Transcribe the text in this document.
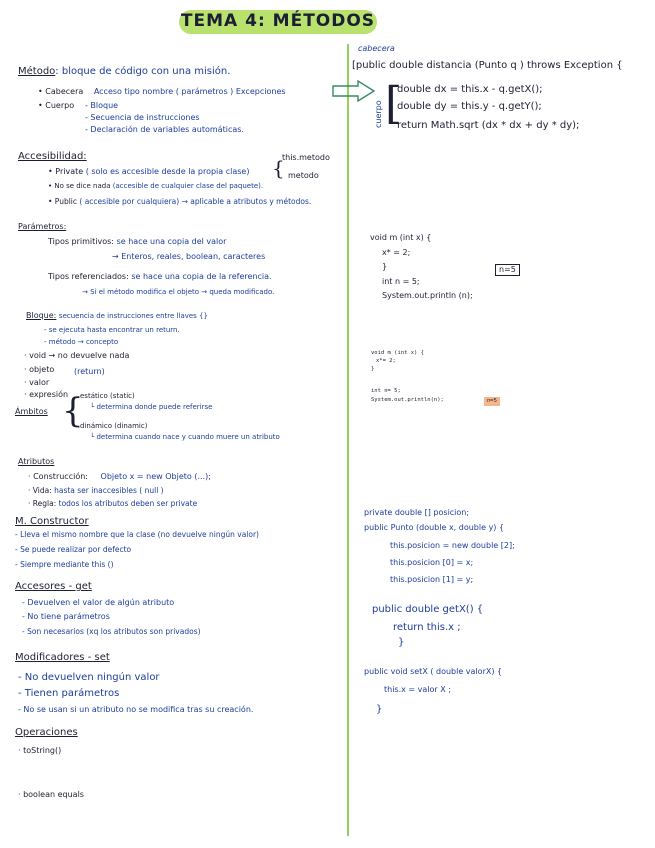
TEMA 4: MÉTODOS
Método: bloque de código con una misión.
• Cabecera Acceso tipo nombre ( parámetros ) Excepciones
• Cuerpo - Bloque
- Secuencia de instrucciones
- Declaración de variables automáticas.
Accesibilidad:
• Private ( solo es accesible desde la propia clase) {
this.metodo
metodo
• No se dice nada (accesible de cualquier clase del paquete).
• Public ( accesible por cualquiera) → aplicable a atributos y métodos.
Parámetros:
Tipos primitivos: se hace una copia del valor
→ Enteros, reales, boolean, caracteres
Tipos referenciados: se hace una copia de la referencia.
→ Si el método modifica el objeto → queda modificado.
Bloque: secuencia de instrucciones entre llaves {}
- se ejecuta hasta encontrar un return.
- método → concepto
· void → no devuelve nada
· objeto (return)
· valor
· expresión
Ámbitos {
estático (static)
└ determina donde puede referirse
dinámico (dinamic)
└ determina cuando nace y cuando muere un atributo
Atributos
· Construcción: Objeto x = new Objeto (...);
· Vida: hasta ser inaccesibles ( null )
· Regla: todos los atributos deben ser private
M. Constructor
- Lleva el mismo nombre que la clase (no devuelve ningún valor)
- Se puede realizar por defecto
- Siempre mediante this ()
Accesores - get
- Devuelven el valor de algún atributo
- No tiene parámetros
- Son necesarios (xq los atributos son privados)
Modificadores - set
- No devuelven ningún valor
- Tienen parámetros
- No se usan si un atributo no se modifica tras su creación.
Operaciones
· toString()
· boolean equals
cabecera
[public double distancia (Punto q ) throws Exception {
cuerpo [
double dx = this.x - q.getX();
double dy = this.y - q.getY();
return Math.sqrt (dx * dx + dy * dy);
void m (int x) {
x* = 2;
}
int n = 5;
System.out.println (n);
n=5
void m (int x) {
x*= 2;
}
int n= 5;
System.out.println(n);	n=5
private double [] posicion;
public Punto (double x, double y) {
this.posicion = new double [2];
this.posicion [0] = x;
this.posicion [1] = y;
public double getX() {
return this.x ;
}
public void setX ( double valorX) {
this.x = valor X ;
}
